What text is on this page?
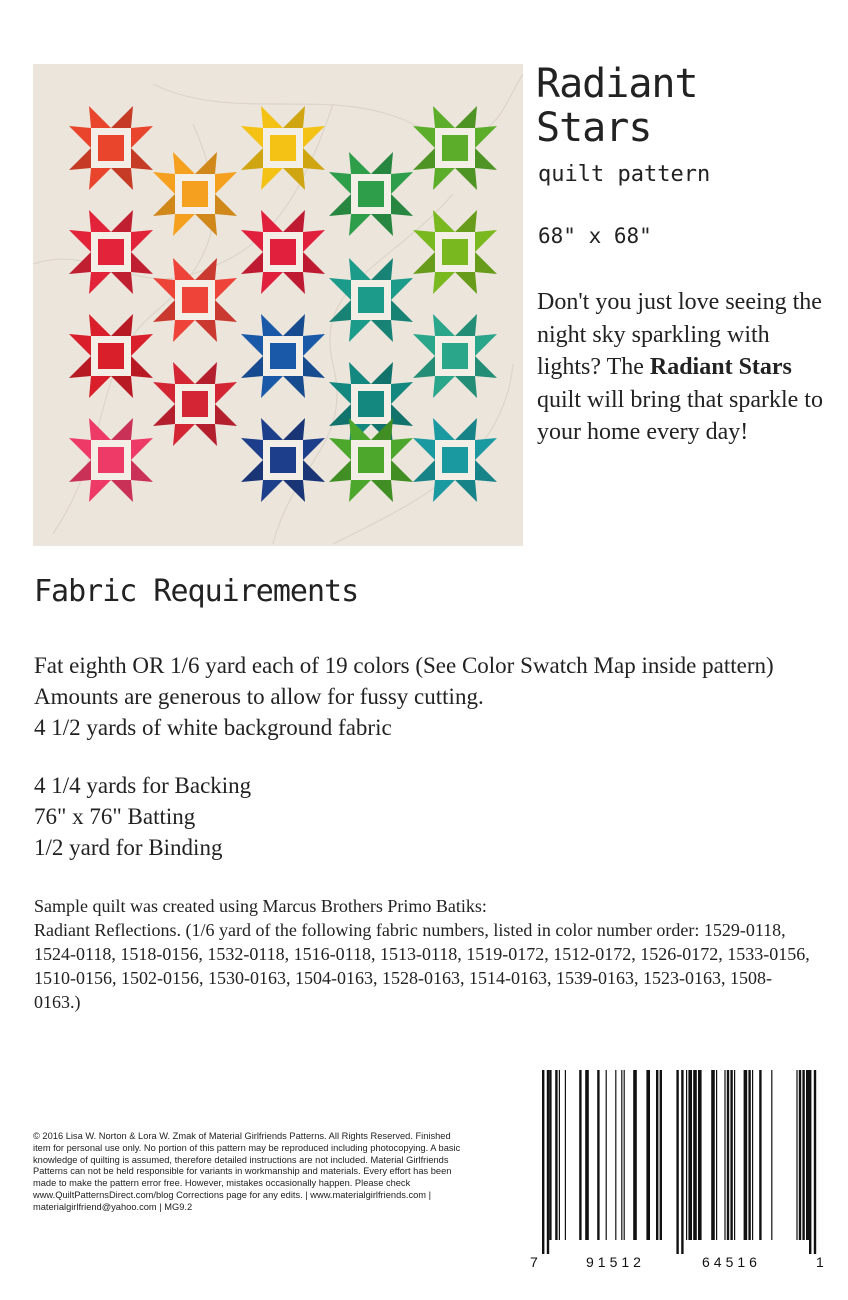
Radiant
Stars
quilt pattern
68" x 68"
Don't you just love seeing the night sky sparkling with lights? The Radiant Stars quilt will bring that sparkle to your home every day!
Fabric Requirements

Fat eighth OR 1/6 yard each of 19 colors (See Color Swatch Map inside pattern) Amounts are generous to allow for fussy cutting.

4 1/2 yards of white background fabric

4 1/4 yards for Backing

76" x 76" Batting

1/2 yard for Binding

Sample quilt was created using Marcus Brothers Primo Batiks:

Radiant Reflections. (1/6 yard of the following fabric numbers, listed in color number order: 1529-0118, 1524-0118, 1518-0156, 1532-0118, 1516-0118, 1513-0118, 1519-0172, 1512-0172, 1526-0172, 1533-0156, 1510-0156, 1502-0156, 1530-0163, 1504-0163, 1528-0163, 1514-0163, 1539-0163, 1523-0163, 1508-0163.)

© 2016 Lisa W. Norton & Lora W. Zmak of Material Girlfriends Patterns. All Rights Reserved. Finished item for personal use only. No portion of this pattern may be reproduced including photocopying. A basic knowledge of quilting is assumed, therefore detailed instructions are not included. Material Girlfriends Patterns can not be held responsible for variants in workmanship and materials. Every effort has been made to make the pattern error free. However, mistakes occasionally happen. Please check www.QuiltPatternsDirect.com/blog Corrections page for any edits. | www.materialgirlfriends.com | materialgirlfriend@yahoo.com | MG9.2
7	91512	64516	1
